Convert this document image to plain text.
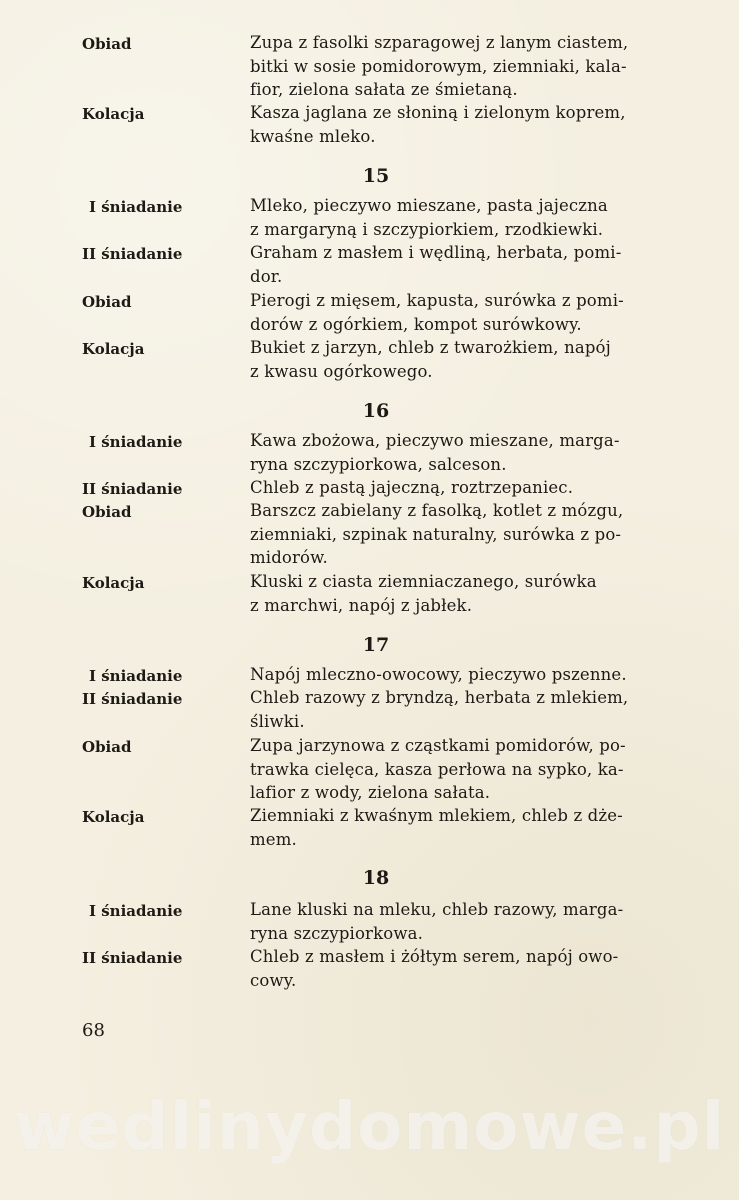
Obiad	Zupa z fasolki szparagowej z lanym ciastem,
bitki w sosie pomidorowym, ziemniaki, kala-
fior, zielona sałata ze śmietaną.
Kolacja	Kasza jaglana ze słoniną i zielonym koprem,
kwaśne mleko.
15
I śniadanie	Mleko, pieczywo mieszane, pasta jajeczna
z margaryną i szczypiorkiem, rzodkiewki.
II śniadanie	Graham z masłem i wędliną, herbata, pomi-
dor.
Obiad	Pierogi z mięsem, kapusta, surówka z pomi-
dorów z ogórkiem, kompot surówkowy.
Kolacja	Bukiet z jarzyn, chleb z twarożkiem, napój
z kwasu ogórkowego.
16
I śniadanie	Kawa zbożowa, pieczywo mieszane, marga-
ryna szczypiorkowa, salceson.
II śniadanie	Chleb z pastą jajeczną, roztrzepaniec.
Obiad	Barszcz zabielany z fasolką, kotlet z mózgu,
ziemniaki, szpinak naturalny, surówka z po-
midorów.
Kolacja	Kluski z ciasta ziemniaczanego, surówka
z marchwi, napój z jabłek.
17
I śniadanie	Napój mleczno-owocowy, pieczywo pszenne.
II śniadanie	Chleb razowy z bryndzą, herbata z mlekiem,
śliwki.
Obiad	Zupa jarzynowa z cząstkami pomidorów, po-
trawka cielęca, kasza perłowa na sypko, ka-
lafior z wody, zielona sałata.
Kolacja	Ziemniaki z kwaśnym mlekiem, chleb z dże-
mem.
18
I śniadanie	Lane kluski na mleku, chleb razowy, marga-
ryna szczypiorkowa.
II śniadanie	Chleb z masłem i żółtym serem, napój owo-
cowy.
68
wedlinydomowe.pl
